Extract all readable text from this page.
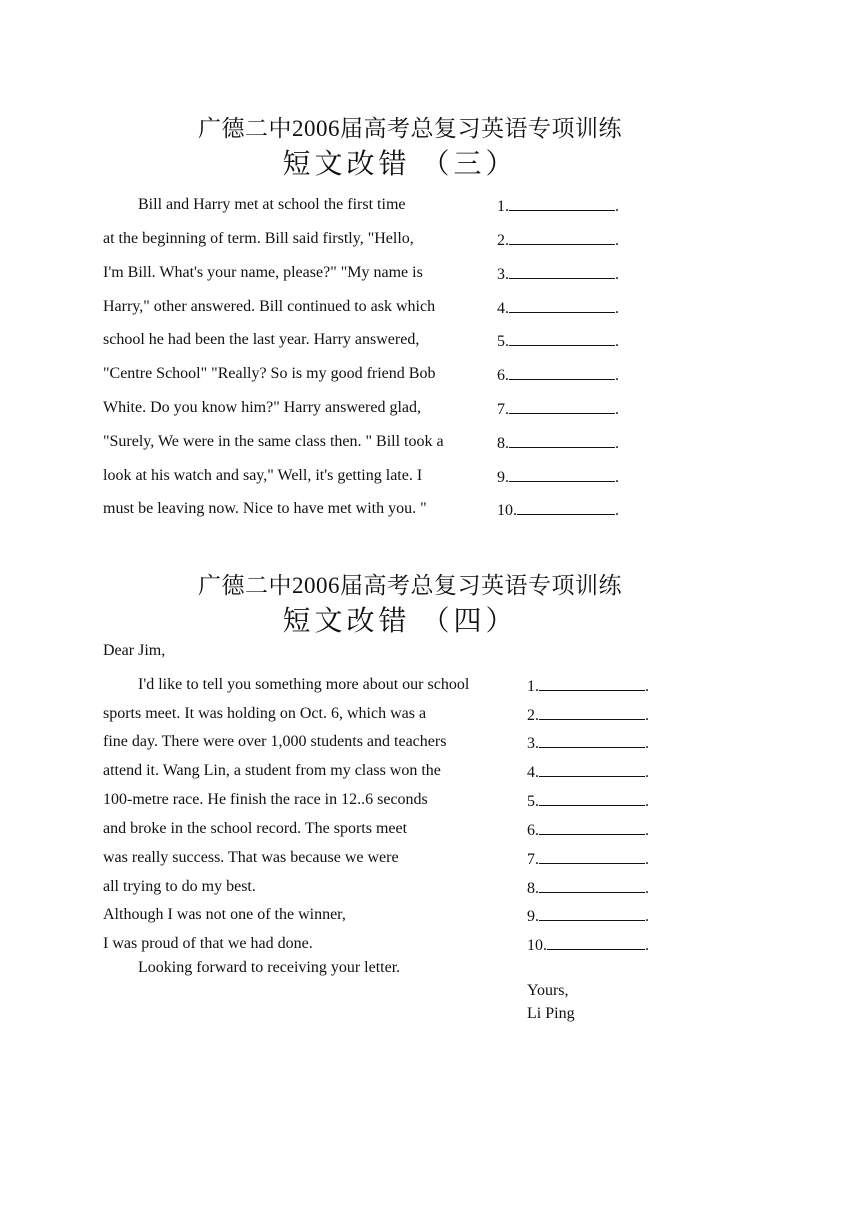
广德二中2006届高考总复习英语专项训练
短文改错 （三）
Bill and Harry met at school the first time
at the beginning of term. Bill said firstly, "Hello,
I'm Bill. What's your name, please?" "My name is
Harry," other answered. Bill continued to ask which
school he had been the last year. Harry answered,
"Centre School" "Really? So is my good friend Bob
White. Do you know him?" Harry answered glad,
"Surely, We were in the same class then. " Bill took a
look at his watch and say," Well, it's getting late. I
must be leaving now. Nice to have met with you. "
1.	.
2.	.
3.	.
4.	.
5.	.
6.	.
7.	.
8.	.
9.	.
10.	.
广德二中2006届高考总复习英语专项训练
短文改错 （四）
Dear Jim,
I'd like to tell you something more about our school
sports meet. It was holding on Oct. 6, which was a
fine day. There were over 1,000 students and teachers
attend it. Wang Lin, a student from my class won the
100-metre race. He finish the race in 12..6 seconds
and broke in the school record. The sports meet
was really success. That was because we were
all trying to do my best.
Although I was not one of the winner,
I was proud of that we had done.
Looking forward to receiving your letter.
1.	.
2.	.
3.	.
4.	.
5.	.
6.	.
7.	.
8.	.
9.	.
10.	.
Yours,
Li Ping
